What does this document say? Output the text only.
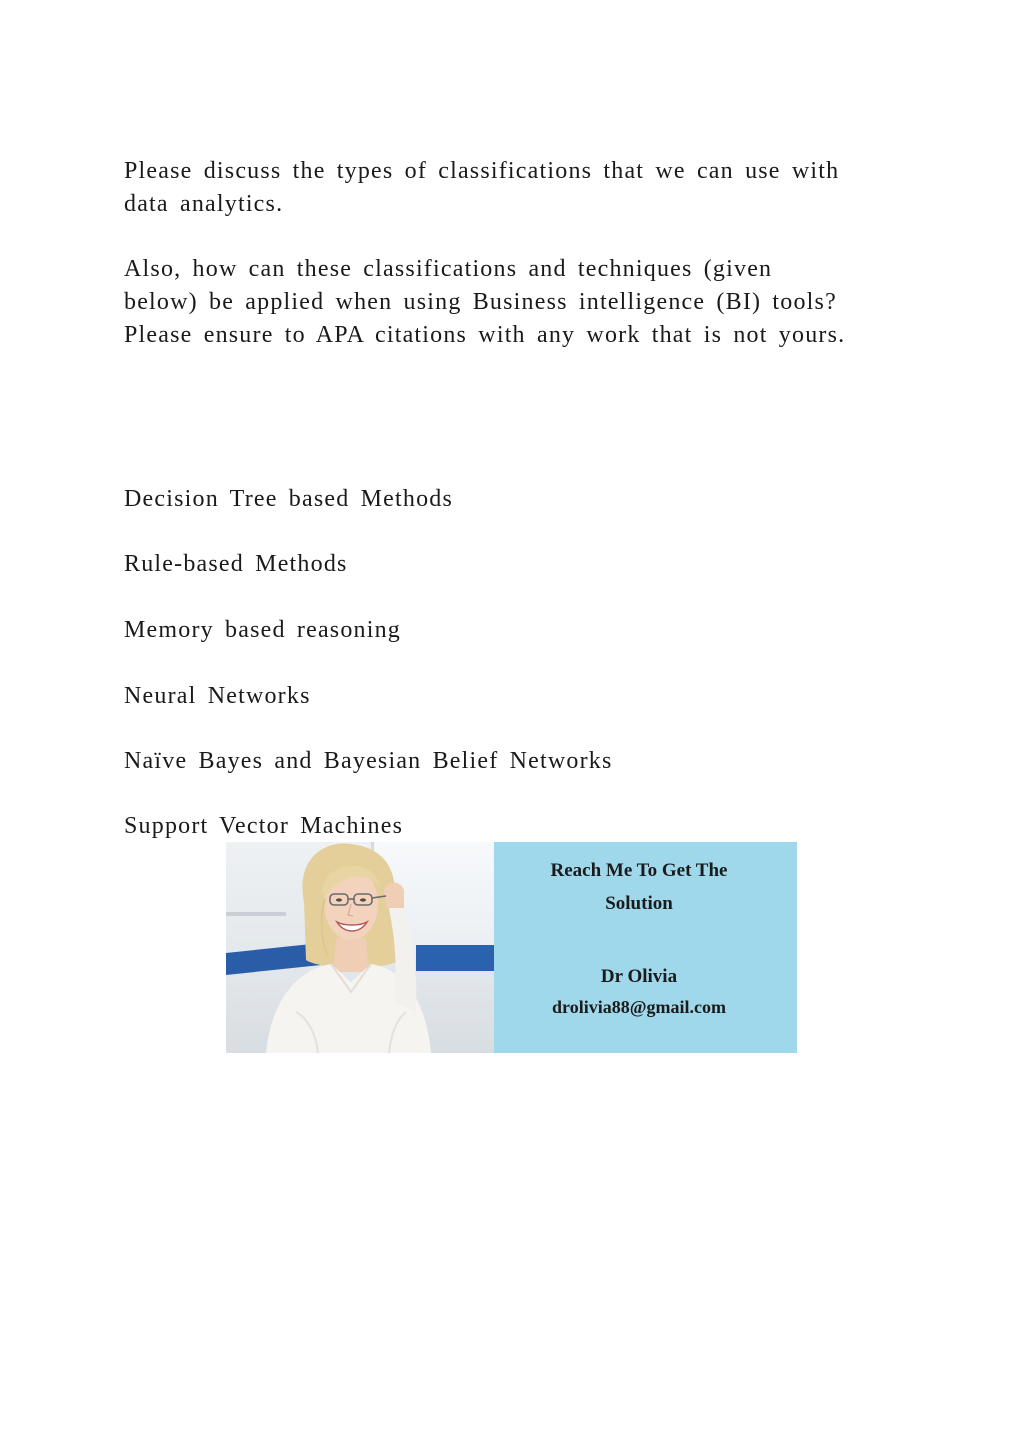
Please discuss the types of classifications that we can use with

data analytics.

Also, how can these classifications and techniques (given

below) be applied when using Business intelligence (BI) tools?

Please ensure to APA citations with any work that is not yours.

Decision Tree based Methods
Rule-based Methods
Memory based reasoning
Neural Networks
Naïve Bayes and Bayesian Belief Networks
Support Vector Machines
Reach Me To Get The
Solution
Dr Olivia
drolivia88@gmail.com
